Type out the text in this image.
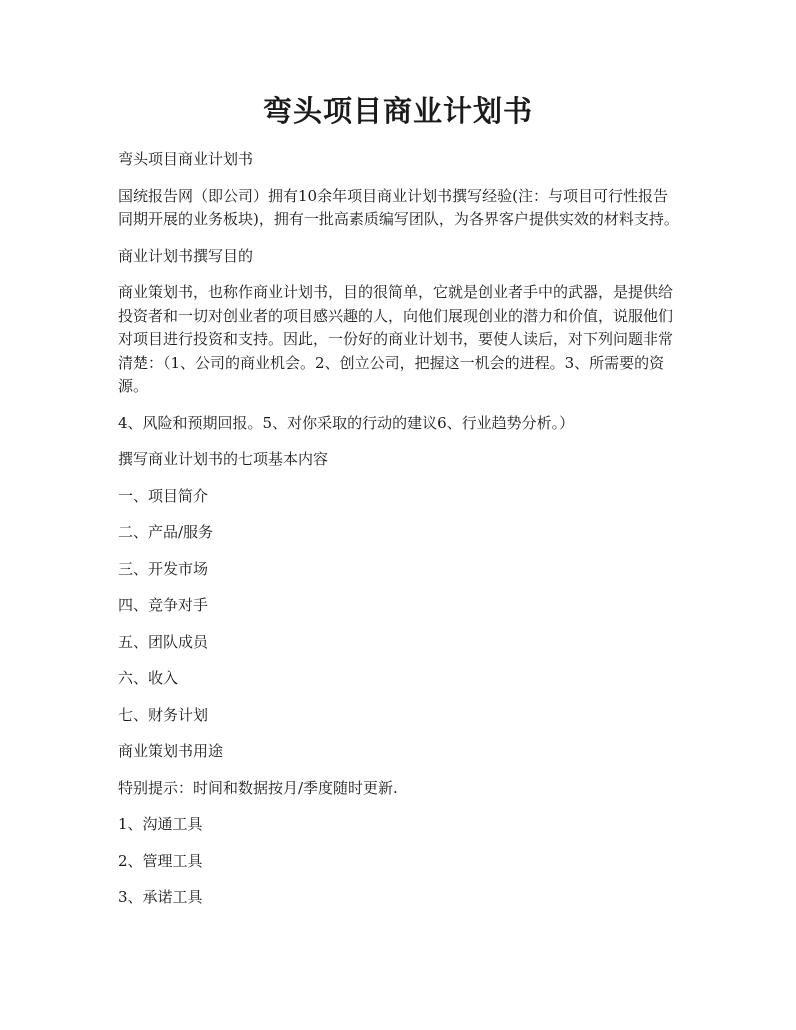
弯头项目商业计划书

弯头项目商业计划书

国统报告网（即公司）拥有10余年项目商业计划书撰写经验(注：与项目可行性报告同期开展的业务板块)，拥有一批高素质编写团队，为各界客户提供实效的材料支持。

商业计划书撰写目的

商业策划书，也称作商业计划书，目的很简单，它就是创业者手中的武器，是提供给投资者和一切对创业者的项目感兴趣的人，向他们展现创业的潜力和价值，说服他们对项目进行投资和支持。因此，一份好的商业计划书，要使人读后，对下列问题非常清楚：（1、公司的商业机会。2、创立公司，把握这一机会的进程。3、所需要的资源。

4、风险和预期回报。5、对你采取的行动的建议6、行业趋势分析。）

撰写商业计划书的七项基本内容

一、项目简介

二、产品/服务

三、开发市场

四、竞争对手

五、团队成员

六、收入

七、财务计划

商业策划书用途

特别提示：时间和数据按月/季度随时更新.

1、沟通工具

2、管理工具

3、承诺工具
